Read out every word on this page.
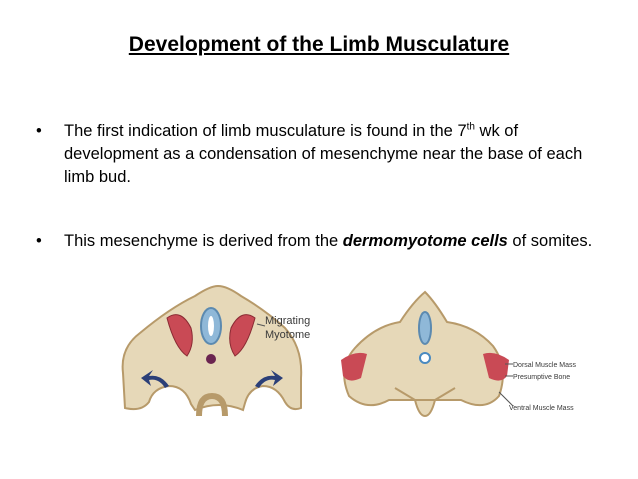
Development of the Limb Musculature
• The first indication of limb musculature is found in the 7th wk of development as a condensation of mesenchyme near the base of each limb bud.
• This mesenchyme is derived from the dermomyotome cells of somites.
Migrating
Myotome
Dorsal Muscle Mass
Presumptive Bone
Ventral Muscle Mass
